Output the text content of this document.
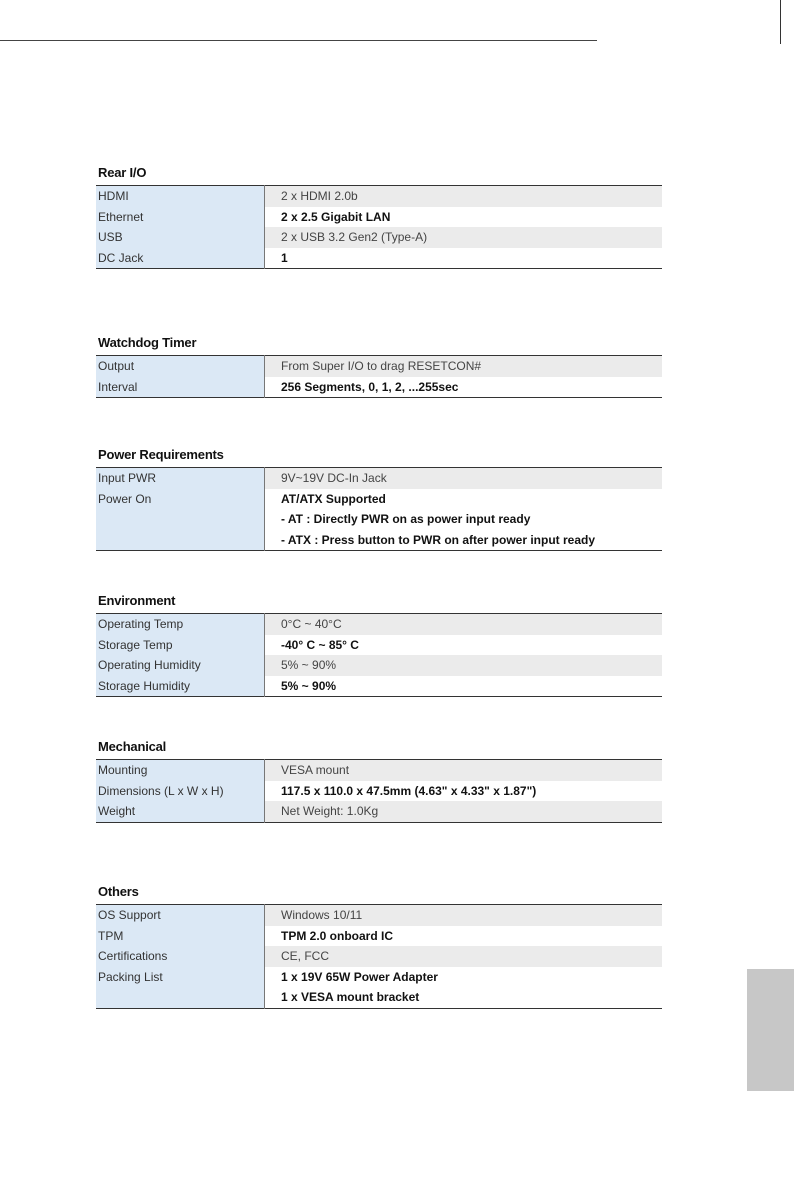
Rear I/O
HDMI	2 x HDMI 2.0b
Ethernet	2 x 2.5 Gigabit LAN
USB	2 x USB 3.2 Gen2 (Type-A)
DC Jack	1
Watchdog Timer
Output	From Super I/O to drag RESETCON#
Interval	256 Segments, 0, 1, 2, ...255sec
Power Requirements
Input PWR	9V~19V DC-In Jack
Power On	AT/ATX Supported
- AT : Directly PWR on as power input ready
- ATX : Press button to PWR on after power input ready
Environment
Operating Temp	0°C ~ 40°C
Storage Temp	-40° C ~ 85° C
Operating Humidity	5% ~ 90%
Storage Humidity	5% ~ 90%
Mechanical
Mounting	VESA mount
Dimensions (L x W x H)	117.5 x 110.0 x 47.5mm (4.63" x 4.33" x 1.87")
Weight	Net Weight: 1.0Kg
Others
OS Support	Windows 10/11
TPM	TPM 2.0 onboard IC
Certifications	CE, FCC
Packing List	1 x 19V 65W Power Adapter
1 x VESA mount bracket
